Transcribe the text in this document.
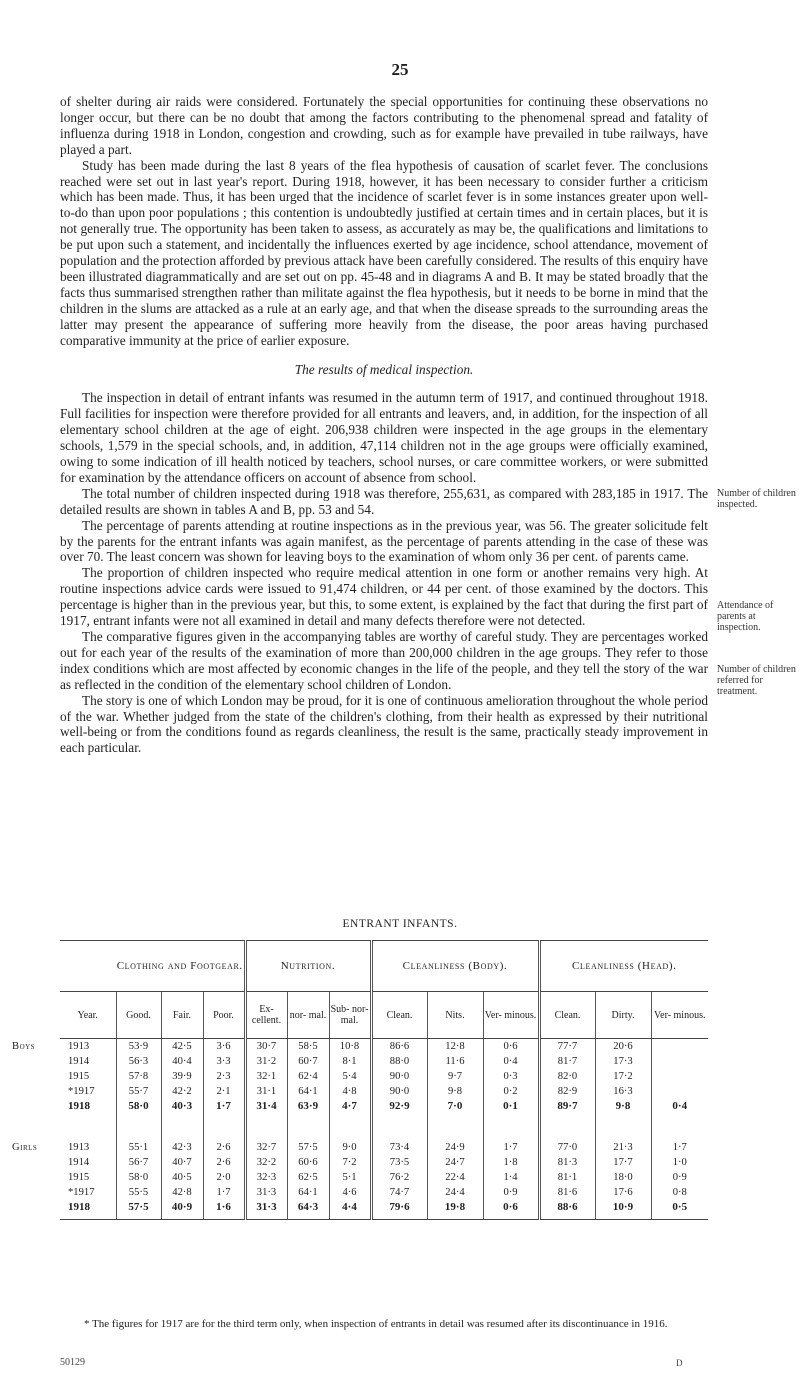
25

of shelter during air raids were considered. Fortunately the special opportunities for continuing these observations no longer occur, but there can be no doubt that among the factors contributing to the phenomenal spread and fatality of influenza during 1918 in London, congestion and crowding, such as for example have prevailed in tube railways, have played a part.

Study has been made during the last 8 years of the flea hypothesis of causation of scarlet fever. The conclusions reached were set out in last year's report. During 1918, however, it has been necessary to consider further a criticism which has been made. Thus, it has been urged that the incidence of scarlet fever is in some instances greater upon well-to-do than upon poor populations ; this contention is undoubtedly justified at certain times and in certain places, but it is not generally true. The opportunity has been taken to assess, as accurately as may be, the qualifications and limitations to be put upon such a statement, and incidentally the influences exerted by age incidence, school attendance, movement of population and the protection afforded by previous attack have been carefully considered. The results of this enquiry have been illustrated diagrammatically and are set out on pp. 45-48 and in diagrams A and B. It may be stated broadly that the facts thus summarised strengthen rather than militate against the flea hypothesis, but it needs to be borne in mind that the children in the slums are attacked as a rule at an early age, and that when the disease spreads to the surrounding areas the latter may present the appearance of suffering more heavily from the disease, the poor areas having purchased comparative immunity at the price of earlier exposure.

The results of medical inspection.

The inspection in detail of entrant infants was resumed in the autumn term of 1917, and continued throughout 1918. Full facilities for inspection were therefore provided for all entrants and leavers, and, in addition, for the inspection of all elementary school children at the age of eight. 206,938 children were inspected in the age groups in the elementary schools, 1,579 in the special schools, and, in addition, 47,114 children not in the age groups were officially examined, owing to some indication of ill health noticed by teachers, school nurses, or care committee workers, or were submitted for examination by the attendance officers on account of absence from school.

The total number of children inspected during 1918 was therefore, 255,631, as compared with 283,185 in 1917. The detailed results are shown in tables A and B, pp. 53 and 54.

The percentage of parents attending at routine inspections as in the previous year, was 56. The greater solicitude felt by the parents for the entrant infants was again manifest, as the percentage of parents attending in the case of these was over 70. The least concern was shown for leaving boys to the examination of whom only 36 per cent. of parents came.

The proportion of children inspected who require medical attention in one form or another remains very high. At routine inspections advice cards were issued to 91,474 children, or 44 per cent. of those examined by the doctors. This percentage is higher than in the previous year, but this, to some extent, is explained by the fact that during the first part of 1917, entrant infants were not all examined in detail and many defects therefore were not detected.

The comparative figures given in the accompanying tables are worthy of careful study. They are percentages worked out for each year of the results of the examination of more than 200,000 children in the age groups. They refer to those index conditions which are most affected by economic changes in the life of the people, and they tell the story of the war as reflected in the condition of the elementary school children of London.

The story is one of which London may be proud, for it is one of continuous amelioration throughout the whole period of the war. Whether judged from the state of the children's clothing, from their health as expressed by their nutritional well-being or from the conditions found as regards cleanliness, the result is the same, practically steady improvement in each particular.

Number of children inspected.
Attendance of parents at inspection.
Number of children referred for treatment.
ENTRANT INFANTS.
	Clothing and Footgear.			Nutrition.			Cleanliness (Body).			Cleanliness (Head).		
Year.	Good.	Fair.	Poor.	Ex- cellent.	nor- mal.	Sub- nor- mal.	Clean.	Nits.	Ver- minous.	Clean.	Dirty.	Ver- minous.
Boys 1913	53·9	42·5	3·6	30·7	58·5	10·8	86·6	12·8	0·6	77·7	20·6	
1914	56·3	40·4	3·3	31·2	60·7	8·1	88·0	11·6	0·4	81·7	17·3	
1915	57·8	39·9	2·3	32·1	62·4	5·4	90·0	9·7	0·3	82·0	17·2	
*1917	55·7	42·2	2·1	31·1	64·1	4·8	90·0	9·8	0·2	82·9	16·3	
1918	58·0	40·3	1·7	31·4	63·9	4·7	92·9	7·0	0·1	89·7	9·8	0·4

Girls 1913	55·1	42·3	2·6	32·7	57·5	9·0	73·4	24·9	1·7	77·0	21·3	1·7
1914	56·7	40·7	2·6	32·2	60·6	7·2	73·5	24·7	1·8	81·3	17·7	1·0
1915	58·0	40·5	2·0	32·3	62·5	5·1	76·2	22·4	1·4	81·1	18·0	0·9
*1917	55·5	42·8	1·7	31·3	64·1	4·6	74·7	24·4	0·9	81·6	17·6	0·8
1918	57·5	40·9	1·6	31·3	64·3	4·4	79·6	19·8	0·6	88·6	10·9	0·5
* The figures for 1917 are for the third term only, when inspection of entrants in detail was resumed after its discontinuance in 1916.
50129	D
